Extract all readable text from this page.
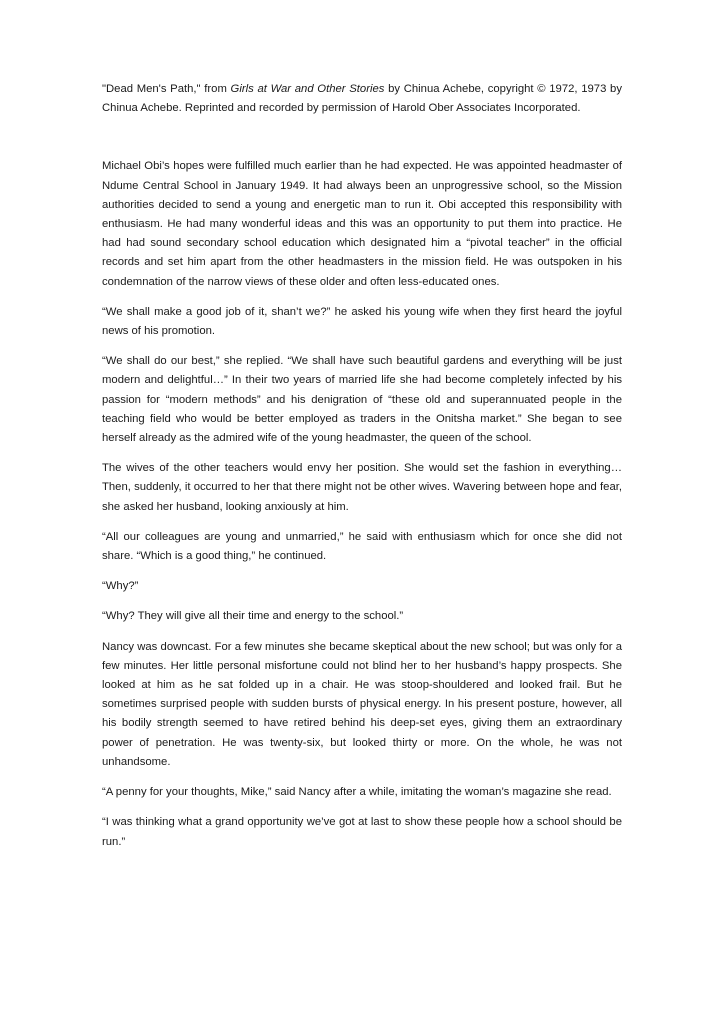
"Dead Men's Path," from Girls at War and Other Stories by Chinua Achebe, copyright © 1972, 1973 by Chinua Achebe. Reprinted and recorded by permission of Harold Ober Associates Incorporated.

Michael Obi’s hopes were fulfilled much earlier than he had expected. He was appointed headmaster of Ndume Central School in January 1949. It had always been an unprogressive school, so the Mission authorities decided to send a young and energetic man to run it. Obi accepted this responsibility with enthusiasm. He had many wonderful ideas and this was an opportunity to put them into practice. He had had sound secondary school education which designated him a “pivotal teacher” in the official records and set him apart from the other headmasters in the mission field. He was outspoken in his condemnation of the narrow views of these older and often less-educated ones.

“We shall make a good job of it, shan’t we?” he asked his young wife when they first heard the joyful news of his promotion.

“We shall do our best,” she replied. “We shall have such beautiful gardens and everything will be just modern and delightful…” In their two years of married life she had become completely infected by his passion for “modern methods” and his denigration of “these old and superannuated people in the teaching field who would be better employed as traders in the Onitsha market.” She began to see herself already as the admired wife of the young headmaster, the queen of the school.

The wives of the other teachers would envy her position. She would set the fashion in everything… Then, suddenly, it occurred to her that there might not be other wives. Wavering between hope and fear, she asked her husband, looking anxiously at him.

“All our colleagues are young and unmarried,” he said with enthusiasm which for once she did not share. “Which is a good thing,” he continued.

“Why?”

“Why? They will give all their time and energy to the school.”

Nancy was downcast. For a few minutes she became skeptical about the new school; but was only for a few minutes. Her little personal misfortune could not blind her to her husband’s happy prospects. She looked at him as he sat folded up in a chair. He was stoop-shouldered and looked frail. But he sometimes surprised people with sudden bursts of physical energy. In his present posture, however, all his bodily strength seemed to have retired behind his deep-set eyes, giving them an extraordinary power of penetration. He was twenty-six, but looked thirty or more. On the whole, he was not unhandsome.

“A penny for your thoughts, Mike,” said Nancy after a while, imitating the woman’s magazine she read.

“I was thinking what a grand opportunity we’ve got at last to show these people how a school should be run.”
